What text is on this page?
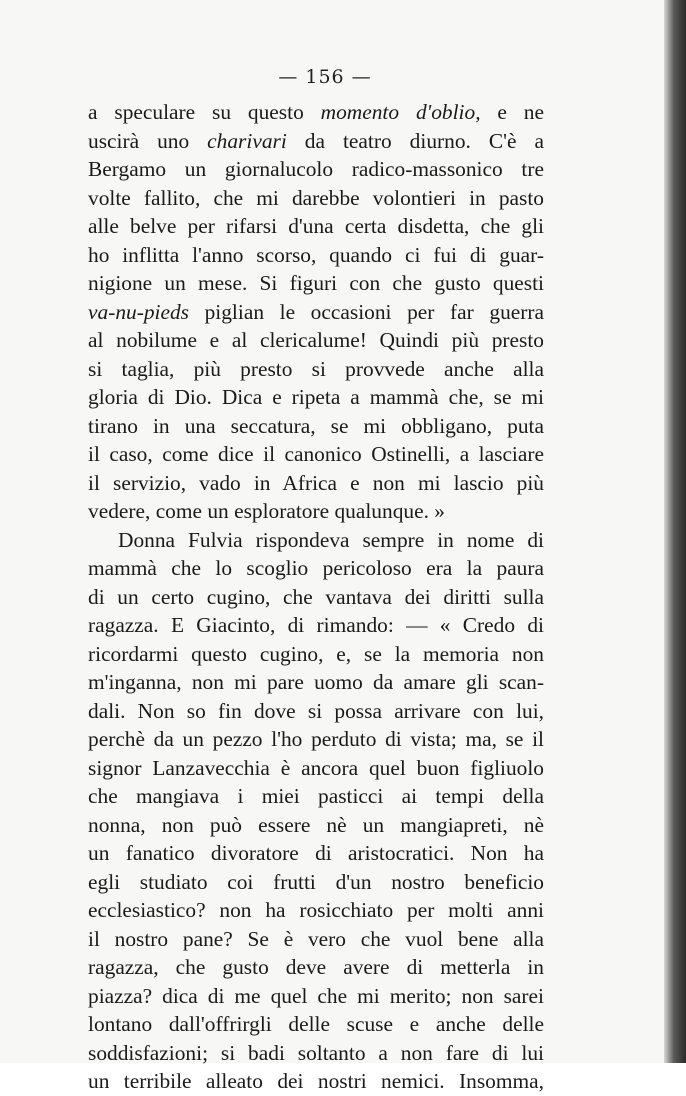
— 156 —
a speculare su questo momento d'oblio, e ne
uscirà uno charivari da teatro diurno. C'è a
Bergamo un giornalucolo radico-massonico tre
volte fallito, che mi darebbe volontieri in pasto
alle belve per rifarsi d'una certa disdetta, che gli
ho inflitta l'anno scorso, quando ci fui di guar-
nigione un mese. Si figuri con che gusto questi
va-nu-pieds piglian le occasioni per far guerra
al nobilume e al clericalume! Quindi più presto
si taglia, più presto si provvede anche alla
gloria di Dio. Dica e ripeta a mammà che, se mi
tirano in una seccatura, se mi obbligano, puta
il caso, come dice il canonico Ostinelli, a lasciare
il servizio, vado in Africa e non mi lascio più
vedere, come un esploratore qualunque. »
Donna Fulvia rispondeva sempre in nome di
mammà che lo scoglio pericoloso era la paura
di un certo cugino, che vantava dei diritti sulla
ragazza. E Giacinto, di rimando: — « Credo di
ricordarmi questo cugino, e, se la memoria non
m'inganna, non mi pare uomo da amare gli scan-
dali. Non so fin dove si possa arrivare con lui,
perchè da un pezzo l'ho perduto di vista; ma, se il
signor Lanzavecchia è ancora quel buon figliuolo
che mangiava i miei pasticci ai tempi della
nonna, non può essere nè un mangiapreti, nè
un fanatico divoratore di aristocratici. Non ha
egli studiato coi frutti d'un nostro beneficio
ecclesiastico? non ha rosicchiato per molti anni
il nostro pane? Se è vero che vuol bene alla
ragazza, che gusto deve avere di metterla in
piazza? dica di me quel che mi merito; non sarei
lontano dall'offrirgli delle scuse e anche delle
soddisfazioni; si badi soltanto a non fare di lui
un terribile alleato dei nostri nemici. Insomma,
